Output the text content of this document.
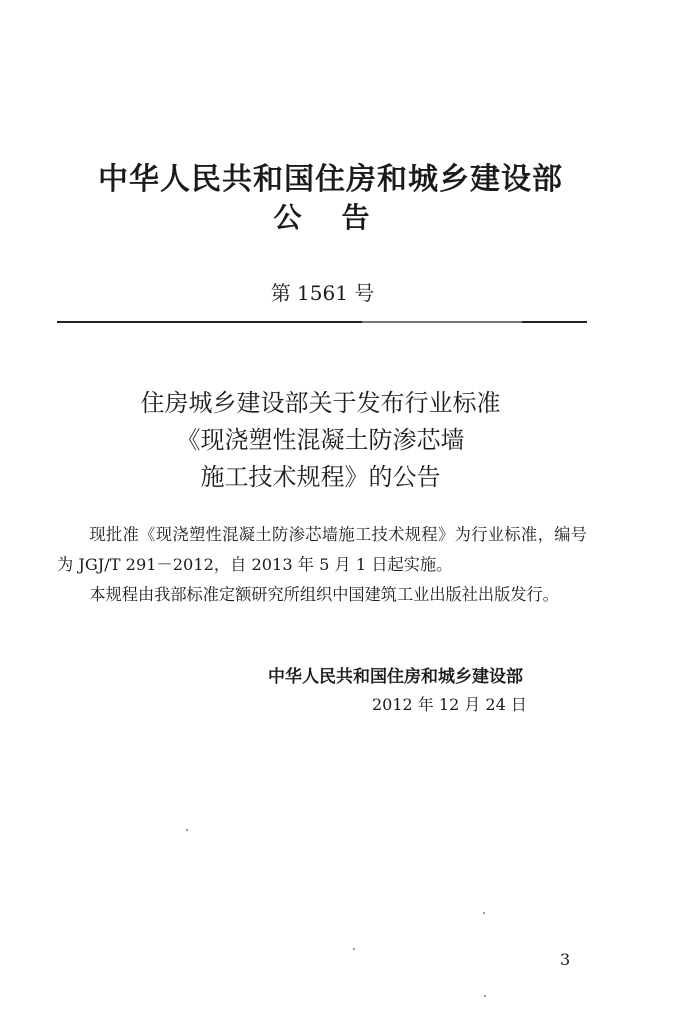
中华人民共和国住房和城乡建设部
公告
第 1561 号
住房城乡建设部关于发布行业标准
《现浇塑性混凝土防渗芯墙
施工技术规程》的公告

现批准《现浇塑性混凝土防渗芯墙施工技术规程》为行业标准，编号为 JGJ/T 291－2012，自 2013 年 5 月 1 日起实施。

本规程由我部标准定额研究所组织中国建筑工业出版社出版发行。

中华人民共和国住房和城乡建设部
2012 年 12 月 24 日
3
